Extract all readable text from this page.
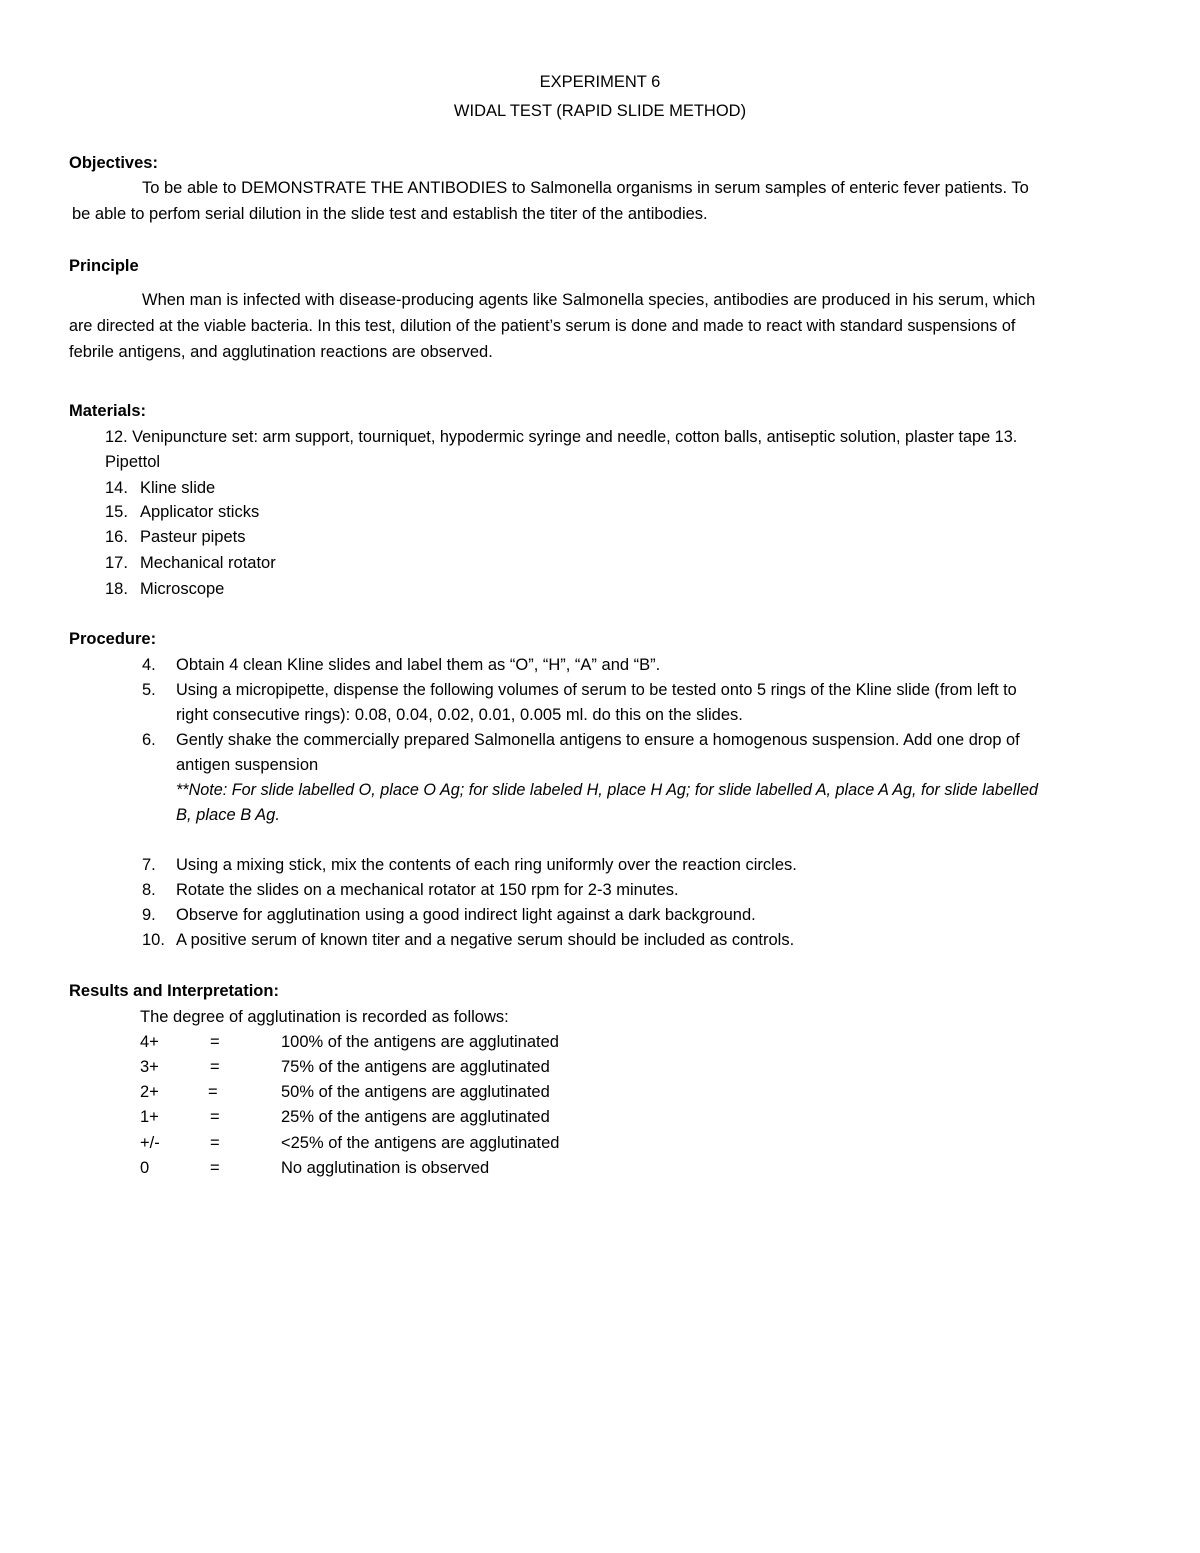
EXPERIMENT 6
WIDAL TEST (RAPID SLIDE METHOD)
Objectives:
To be able to DEMONSTRATE THE ANTIBODIES to Salmonella organisms in serum samples of enteric fever patients. To
be able to perfom serial dilution in the slide test and establish the titer of the antibodies.
Principle
When man is infected with disease-producing agents like Salmonella species, antibodies are produced in his serum, which
are directed at the viable bacteria. In this test, dilution of the patient’s serum is done and made to react with standard suspensions of
febrile antigens, and agglutination reactions are observed.
Materials:
12. Venipuncture set: arm support, tourniquet, hypodermic syringe and needle, cotton balls, antiseptic solution, plaster tape 13.
Pipettol
14. Kline slide
15. Applicator sticks
16. Pasteur pipets
17. Mechanical rotator
18. Microscope
Procedure:
4. Obtain 4 clean Kline slides and label them as “O”, “H”, “A” and “B”.
5. Using a micropipette, dispense the following volumes of serum to be tested onto 5 rings of the Kline slide (from left to
right consecutive rings): 0.08, 0.04, 0.02, 0.01, 0.005 ml. do this on the slides.
6. Gently shake the commercially prepared Salmonella antigens to ensure a homogenous suspension. Add one drop of
antigen suspension
**Note: For slide labelled O, place O Ag; for slide labeled H, place H Ag; for slide labelled A, place A Ag, for slide labelled
B, place B Ag.
7. Using a mixing stick, mix the contents of each ring uniformly over the reaction circles.
8. Rotate the slides on a mechanical rotator at 150 rpm for 2-3 minutes.
9. Observe for agglutination using a good indirect light against a dark background.
10. A positive serum of known titer and a negative serum should be included as controls.
Results and Interpretation:
The degree of agglutination is recorded as follows:
4+	=	100% of the antigens are agglutinated
3+	=	75% of the antigens are agglutinated
2+	=	50% of the antigens are agglutinated
1+	=	25% of the antigens are agglutinated
+/-	=	<25% of the antigens are agglutinated
0	=	No agglutination is observed
